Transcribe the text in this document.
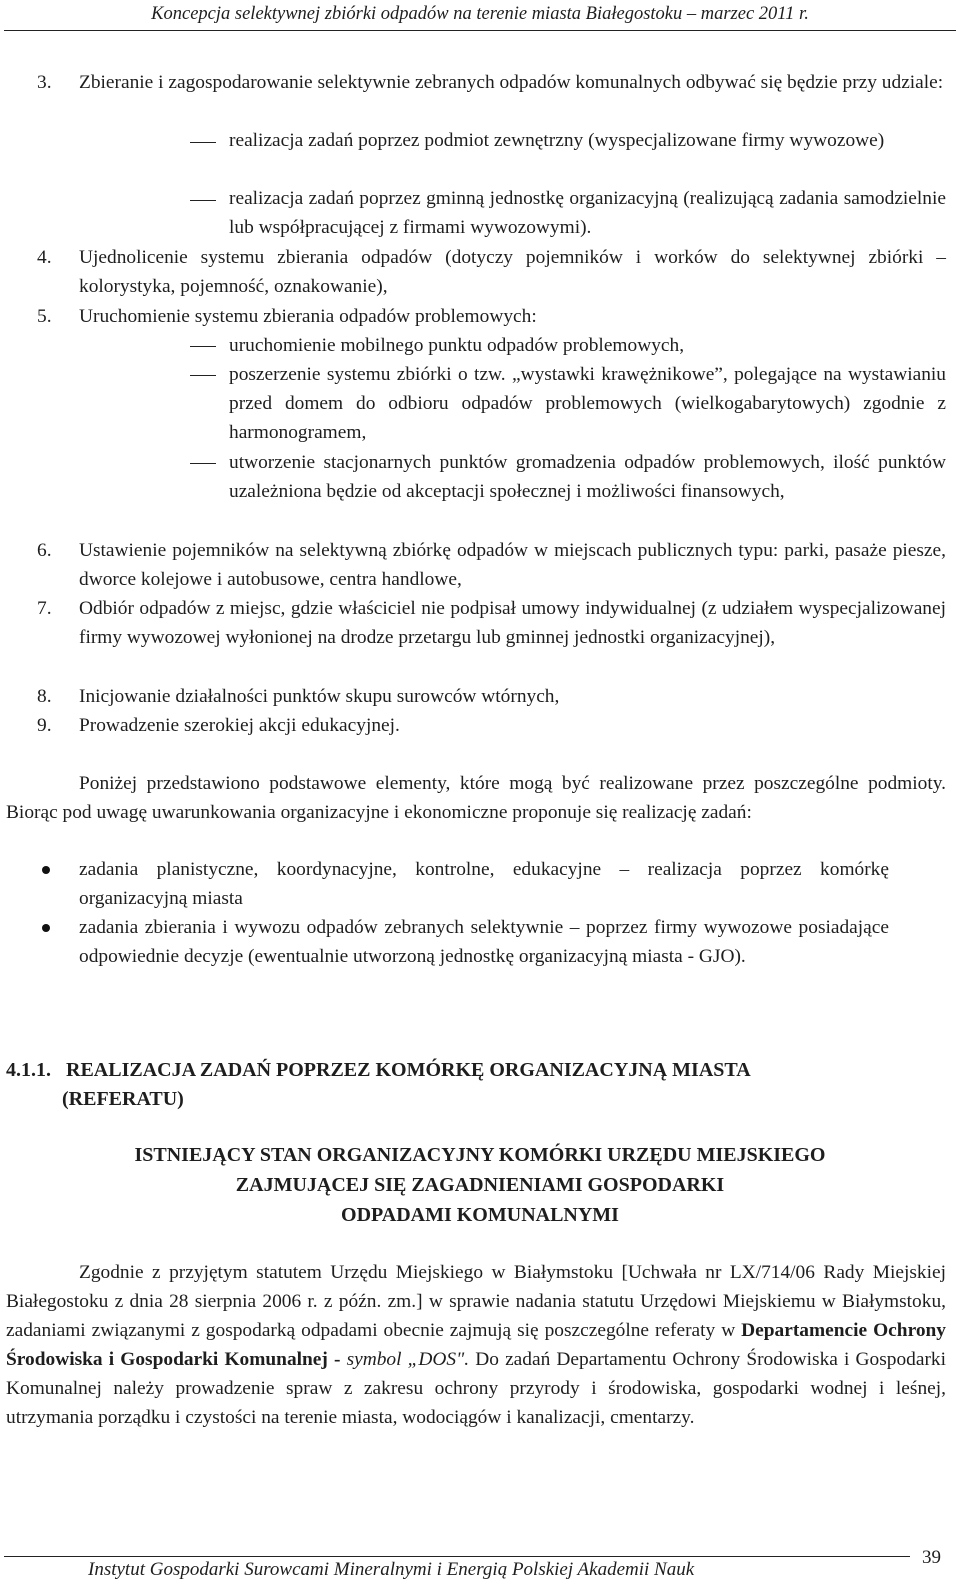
Koncepcja selektywnej zbiórki odpadów na terenie miasta Białegostoku – marzec 2011 r.
3. Zbieranie i zagospodarowanie selektywnie zebranych odpadów komunalnych odbywać się będzie przy udziale:

realizacja zadań poprzez podmiot zewnętrzny (wyspecjalizowane firmy wywozowe)

realizacja zadań poprzez gminną jednostkę organizacyjną (realizującą zadania samodzielnie lub współpracującej z firmami wywozowymi).

4. Ujednolicenie systemu zbierania odpadów (dotyczy pojemników i worków do selektywnej zbiórki – kolorystyka, pojemność, oznakowanie),

5. Uruchomienie systemu zbierania odpadów problemowych:

uruchomienie mobilnego punktu odpadów problemowych,

poszerzenie systemu zbiórki o tzw. „wystawki krawężnikowe”, polegające na wystawianiu przed domem do odbioru odpadów problemowych (wielkogabarytowych) zgodnie z harmonogramem,

utworzenie stacjonarnych punktów gromadzenia odpadów problemowych, ilość punktów uzależniona będzie od akceptacji społecznej i możliwości finansowych,

6. Ustawienie pojemników na selektywną zbiórkę odpadów w miejscach publicznych typu: parki, pasaże piesze, dworce kolejowe i autobusowe, centra handlowe,

7. Odbiór odpadów z miejsc, gdzie właściciel nie podpisał umowy indywidualnej (z udziałem wyspecjalizowanej firmy wywozowej wyłonionej na drodze przetargu lub gminnej jednostki organizacyjnej),

8. Inicjowanie działalności punktów skupu surowców wtórnych,

9. Prowadzenie szerokiej akcji edukacyjnej.

Poniżej przedstawiono podstawowe elementy, które mogą być realizowane przez poszczególne podmioty. Biorąc pod uwagę uwarunkowania organizacyjne i ekonomiczne proponuje się realizację zadań:

zadania planistyczne, koordynacyjne, kontrolne, edukacyjne – realizacja poprzez komórkę organizacyjną miasta

zadania zbierania i wywozu odpadów zebranych selektywnie – poprzez firmy wywozowe posiadające odpowiednie decyzje (ewentualnie utworzoną jednostkę organizacyjną miasta - GJO).

4.1.1. REALIZACJA ZADAŃ POPRZEZ KOMÓRKĘ ORGANIZACYJNĄ MIASTA
(REFERATU)
ISTNIEJĄCY STAN ORGANIZACYJNY KOMÓRKI URZĘDU MIEJSKIEGO
ZAJMUJĄCEJ SIĘ ZAGADNIENIAMI GOSPODARKI
ODPADAMI KOMUNALNYMI

Zgodnie z przyjętym statutem Urzędu Miejskiego w Białymstoku [Uchwała nr LX/714/06 Rady Miejskiej Białegostoku z dnia 28 sierpnia 2006 r. z późn. zm.] w sprawie nadania statutu Urzędowi Miejskiemu w Białymstoku, zadaniami związanymi z gospodarką odpadami obecnie zajmują się poszczególne referaty w Departamencie Ochrony Środowiska i Gospodarki Komunalnej - symbol „DOS". Do zadań Departamentu Ochrony Środowiska i Gospodarki Komunalnej należy prowadzenie spraw z zakresu ochrony przyrody i środowiska, gospodarki wodnej i leśnej, utrzymania porządku i czystości na terenie miasta, wodociągów i kanalizacji, cmentarzy.

Instytut Gospodarki Surowcami Mineralnymi i Energią Polskiej Akademii Nauk
39
